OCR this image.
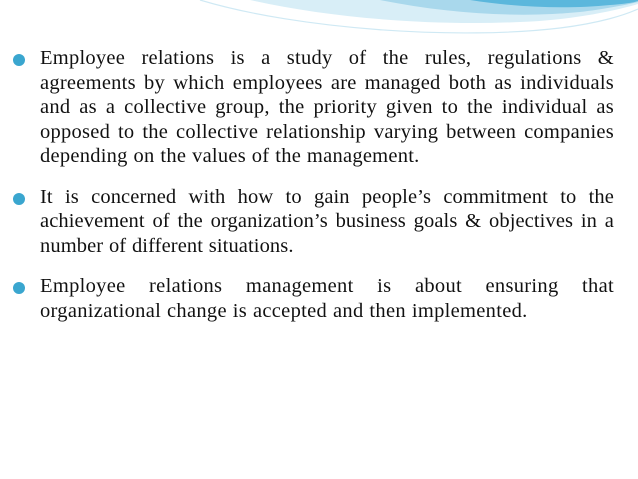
Employee relations is a study of the rules, regulations & agreements by which employees are managed both as individuals and as a collective group, the priority given to the individual as opposed to the collective relationship varying between companies depending on the values of the management.
It is concerned with how to gain people’s commitment to the achievement of the organization’s business goals & objectives in a number of different situations.
Employee relations management is about ensuring that organizational change is accepted and then implemented.
